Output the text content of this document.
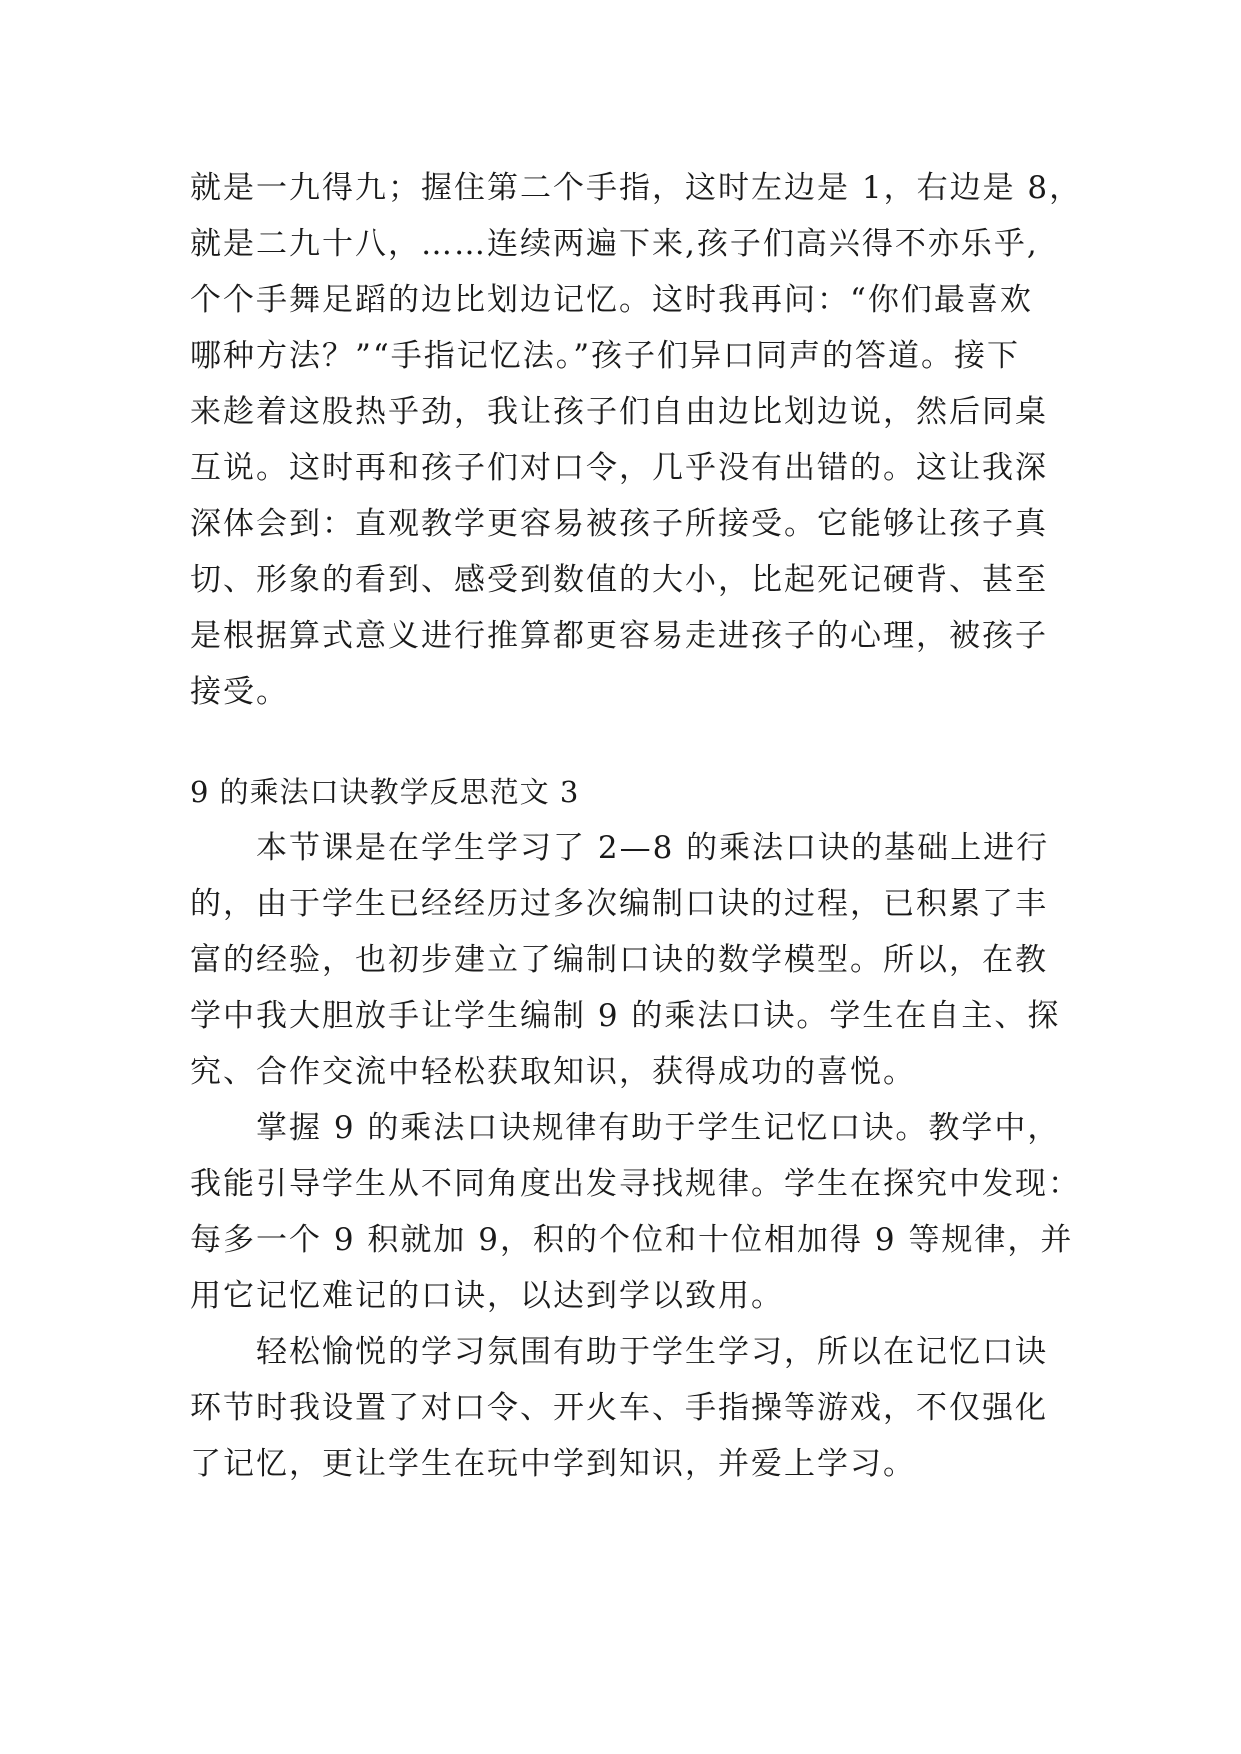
就是一九得九；握住第二个手指，这时左边是 1，右边是 8，
就是二九十八，……连续两遍下来,孩子们高兴得不亦乐乎,
个个手舞足蹈的边比划边记忆。这时我再问：“你们最喜欢
哪种方法？”“手指记忆法。”孩子们异口同声的答道。接下
来趁着这股热乎劲，我让孩子们自由边比划边说，然后同桌
互说。这时再和孩子们对口令，几乎没有出错的。这让我深
深体会到：直观教学更容易被孩子所接受。它能够让孩子真
切、形象的看到、感受到数值的大小，比起死记硬背、甚至
是根据算式意义进行推算都更容易走进孩子的心理，被孩子
接受。
9 的乘法口诀教学反思范文 3
本节课是在学生学习了 2—8 的乘法口诀的基础上进行
的，由于学生已经经历过多次编制口诀的过程，已积累了丰
富的经验，也初步建立了编制口诀的数学模型。所以，在教
学中我大胆放手让学生编制 9 的乘法口诀。学生在自主、探
究、合作交流中轻松获取知识，获得成功的喜悦。
掌握 9 的乘法口诀规律有助于学生记忆口诀。教学中，
我能引导学生从不同角度出发寻找规律。学生在探究中发现：
每多一个 9 积就加 9，积的个位和十位相加得 9 等规律，并
用它记忆难记的口诀，以达到学以致用。
轻松愉悦的学习氛围有助于学生学习，所以在记忆口诀
环节时我设置了对口令、开火车、手指操等游戏，不仅强化
了记忆，更让学生在玩中学到知识，并爱上学习。
